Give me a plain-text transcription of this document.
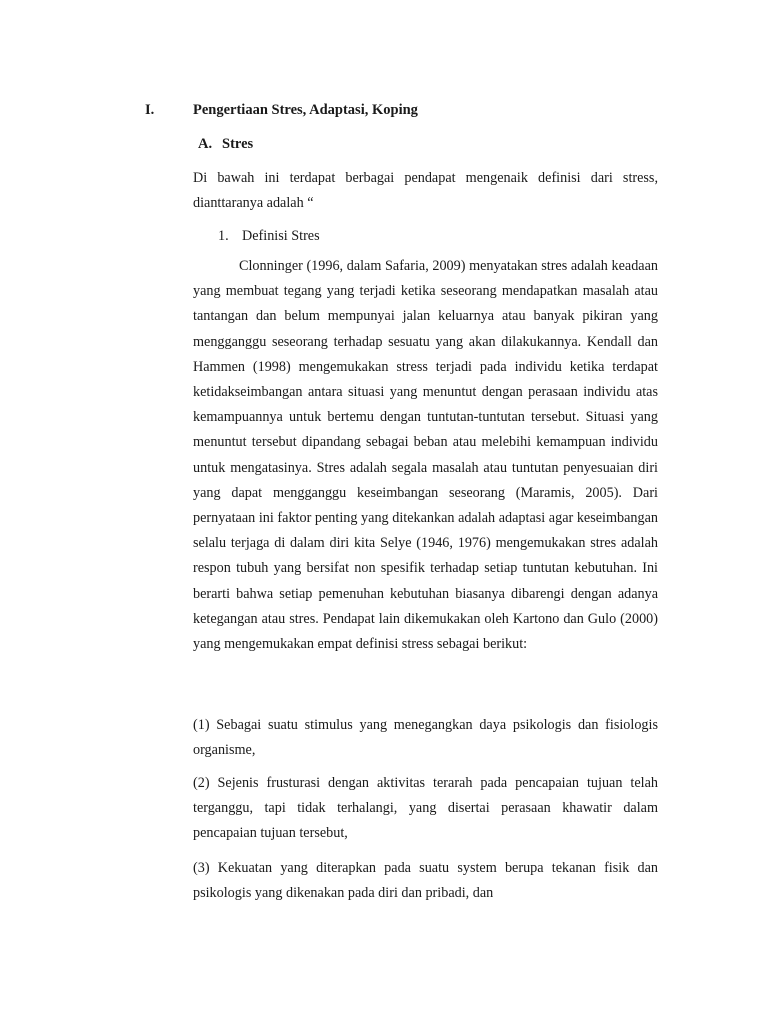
I.	Pengertiaan Stres, Adaptasi, Koping
A. Stres
Di bawah ini terdapat berbagai pendapat mengenaik definisi dari stress, dianttaranya adalah “
1. Definisi Stres
Clonninger (1996, dalam Safaria, 2009) menyatakan stres adalah keadaan yang membuat tegang yang terjadi ketika seseorang mendapatkan masalah atau tantangan dan belum mempunyai jalan keluarnya atau banyak pikiran yang mengganggu seseorang terhadap sesuatu yang akan dilakukannya. Kendall dan Hammen (1998) mengemukakan stress terjadi pada individu ketika terdapat ketidakseimbangan antara situasi yang menuntut dengan perasaan individu atas kemampuannya untuk bertemu dengan tuntutan-tuntutan tersebut. Situasi yang menuntut tersebut dipandang sebagai beban atau melebihi kemampuan individu untuk mengatasinya. Stres adalah segala masalah atau tuntutan penyesuaian diri yang dapat mengganggu keseimbangan seseorang (Maramis, 2005). Dari pernyataan ini faktor penting yang ditekankan adalah adaptasi agar keseimbangan selalu terjaga di dalam diri kita Selye (1946, 1976) mengemukakan stres adalah respon tubuh yang bersifat non spesifik terhadap setiap tuntutan kebutuhan. Ini berarti bahwa setiap pemenuhan kebutuhan biasanya dibarengi dengan adanya ketegangan atau stres. Pendapat lain dikemukakan oleh Kartono dan Gulo (2000) yang mengemukakan empat definisi stress sebagai berikut:
(1) Sebagai suatu stimulus yang menegangkan daya psikologis dan fisiologis organisme,
(2) Sejenis frusturasi dengan aktivitas terarah pada pencapaian tujuan telah terganggu, tapi tidak terhalangi, yang disertai perasaan khawatir dalam pencapaian tujuan tersebut,
(3) Kekuatan yang diterapkan pada suatu system berupa tekanan fisik dan psikologis yang dikenakan pada diri dan pribadi, dan
